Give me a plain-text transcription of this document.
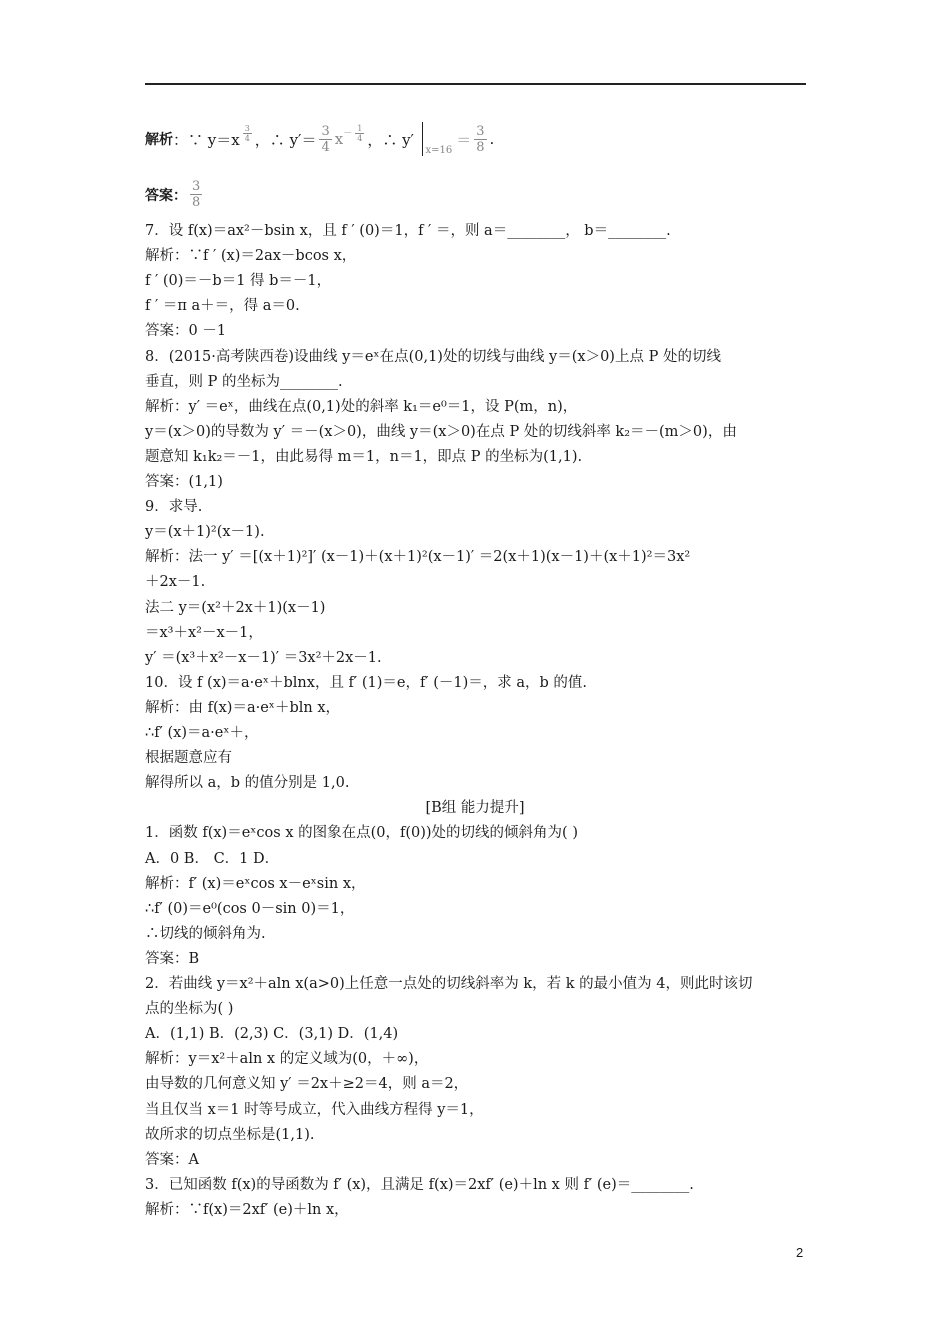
解析 ：∵ $y=x \frac{3}{4}$ ，∴ $y'= \frac{3}{4}$ $x - \frac{1}{4}$ ，∴ y′
x=16
＝ $\frac{3}{8}$ .
答案： $\frac{3}{8}$
7．设 f(x)＝ax²－bsin x，且 f ′ (0)＝1，f ′ ＝，则 a＝________， b＝________.
解析：∵f ′ (x)＝2ax－bcos x，
f ′ (0)＝－b＝1 得 b＝－1，
f ′ ＝π a＋＝，得 a＝0.
答案：0 －1
8．(2015·高考陕西卷)设曲线 y＝eˣ在点(0,1)处的切线与曲线 y＝(x＞0)上点 P 处的切线
垂直，则 P 的坐标为________.
解析：y′ ＝eˣ，曲线在点(0,1)处的斜率 k₁＝e⁰＝1，设 P(m，n)，
y＝(x＞0)的导数为 y′ ＝－(x＞0)，曲线 y＝(x＞0)在点 P 处的切线斜率 k₂＝－(m＞0)，由
题意知 k₁k₂＝－1，由此易得 m＝1，n＝1，即点 P 的坐标为(1,1).
答案：(1,1)
9．求导.
y＝(x＋1)²(x－1).
解析：法一 y′ ＝[(x＋1)²]′ (x－1)＋(x＋1)²(x－1)′ ＝2(x＋1)(x－1)＋(x＋1)²＝3x²
＋2x－1.
法二 y＝(x²＋2x＋1)(x－1)
＝x³＋x²－x－1，
y′ ＝(x³＋x²－x－1)′ ＝3x²＋2x－1.
10．设 f (x)＝a·eˣ＋blnx，且 f′ (1)＝e，f′ (－1)＝，求 a，b 的值.
解析：由 f(x)＝a·eˣ＋bln x，
∴f′ (x)＝a·eˣ＋，
根据题意应有
解得所以 a，b 的值分别是 1,0.
[B组 能力提升]
1．函数 f(x)＝eˣcos x 的图象在点(0，f(0))处的切线的倾斜角为( )
A．0 B． C．1 D．
解析：f′ (x)＝eˣcos x－eˣsin x，
∴f′ (0)＝e⁰(cos 0－sin 0)＝1，
∴切线的倾斜角为.
答案：B
2．若曲线 y＝x²＋aln x(a>0)上任意一点处的切线斜率为 k，若 k 的最小值为 4，则此时该切
点的坐标为( )
A．(1,1) B．(2,3) C．(3,1) D．(1,4)
解析：y＝x²＋aln x 的定义域为(0，＋∞)，
由导数的几何意义知 y′ ＝2x＋≥2＝4，则 a＝2，
当且仅当 x＝1 时等号成立，代入曲线方程得 y＝1，
故所求的切点坐标是(1,1).
答案：A
3．已知函数 f(x)的导函数为 f′ (x)，且满足 f(x)＝2xf′ (e)＋ln x 则 f′ (e)＝________.
解析：∵f(x)＝2xf′ (e)＋ln x，
2
